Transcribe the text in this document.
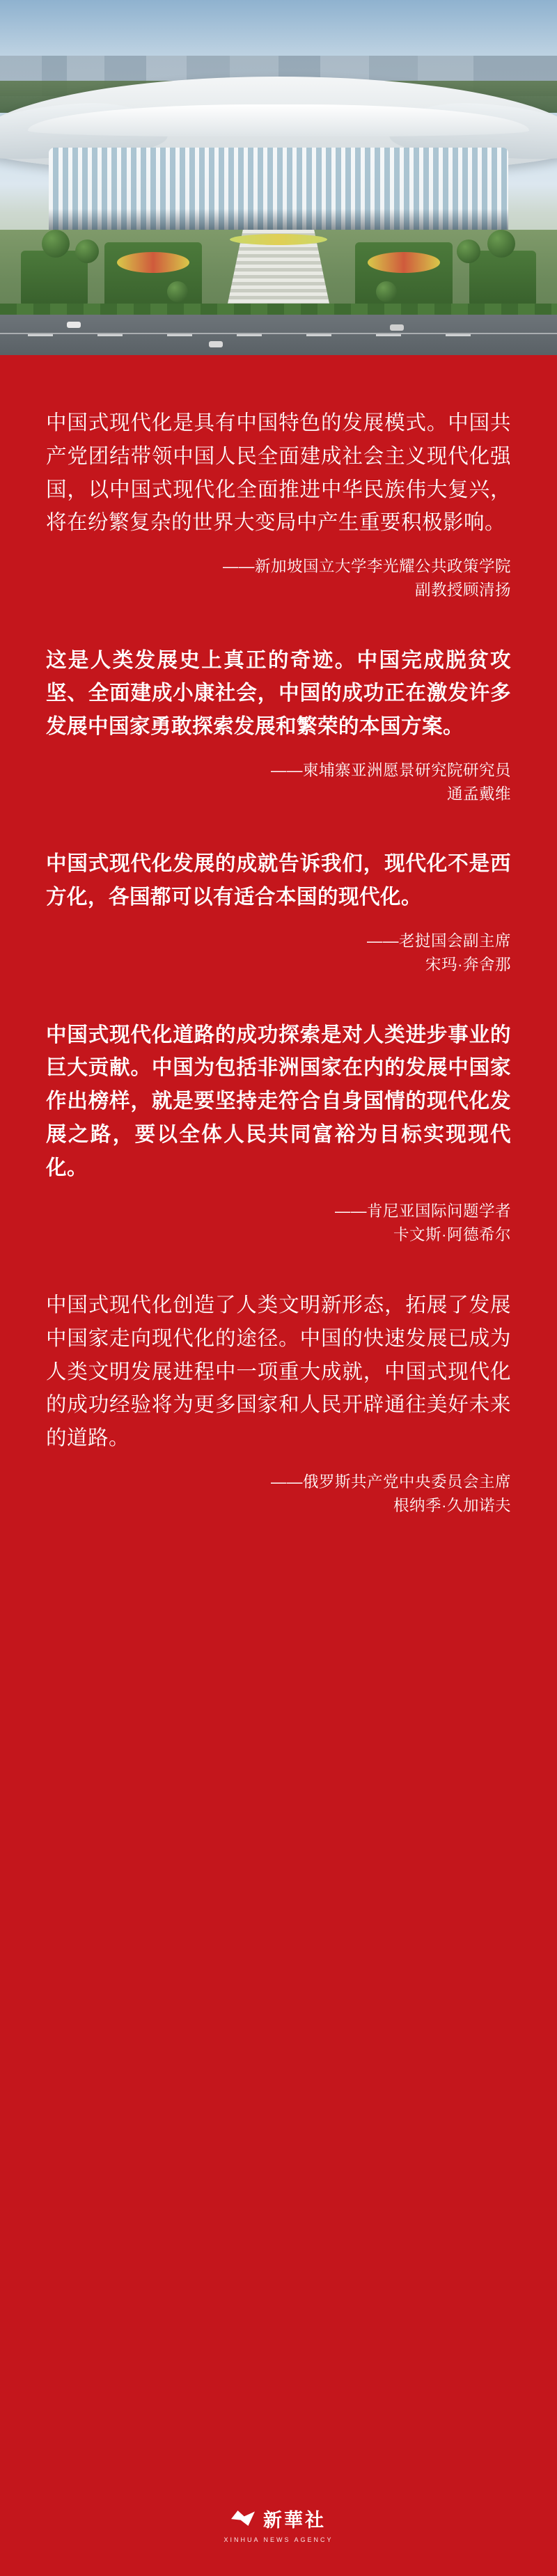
中国式现代化是具有中国特色的发展模式。中国共产党团结带领中国人民全面建成社会主义现代化强国，以中国式现代化全面推进中华民族伟大复兴，将在纷繁复杂的世界大变局中产生重要积极影响。

——新加坡国立大学李光耀公共政策学院
副教授顾清扬

这是人类发展史上真正的奇迹。中国完成脱贫攻坚、全面建成小康社会，中国的成功正在激发许多发展中国家勇敢探索发展和繁荣的本国方案。

——柬埔寨亚洲愿景研究院研究员
通孟戴维

中国式现代化发展的成就告诉我们，现代化不是西方化，各国都可以有适合本国的现代化。

——老挝国会副主席
宋玛·奔舍那

中国式现代化道路的成功探索是对人类进步事业的巨大贡献。中国为包括非洲国家在内的发展中国家作出榜样，就是要坚持走符合自身国情的现代化发展之路，要以全体人民共同富裕为目标实现现代化。

——肯尼亚国际问题学者
卡文斯·阿德希尔

中国式现代化创造了人类文明新形态，拓展了发展中国家走向现代化的途径。中国的快速发展已成为人类文明发展进程中一项重大成就，中国式现代化的成功经验将为更多国家和人民开辟通往美好未来的道路。

——俄罗斯共产党中央委员会主席
根纳季·久加诺夫
新華社
XINHUA NEWS AGENCY
